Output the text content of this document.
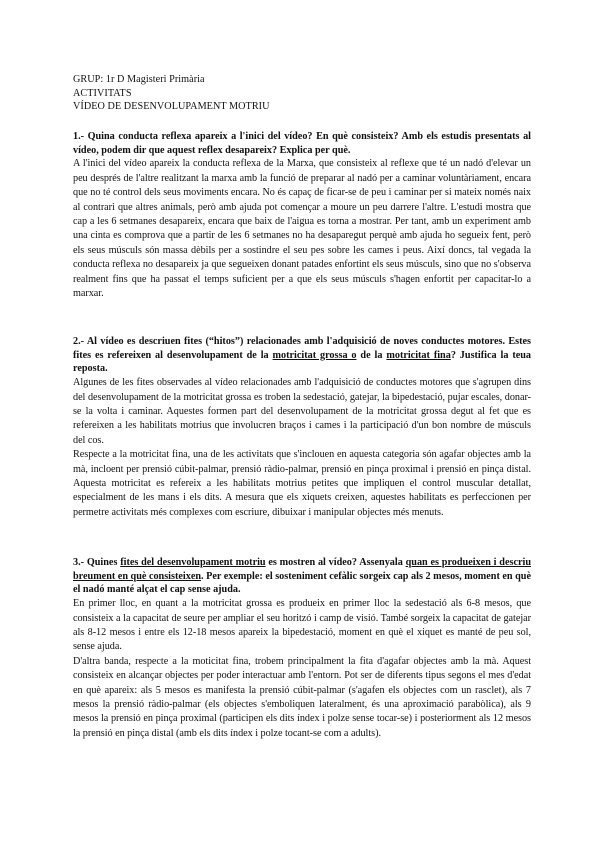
GRUP: 1r D Magisteri Primària
ACTIVITATS
VÍDEO DE DESENVOLUPAMENT MOTRIU

1.- Quina conducta reflexa apareix a l'inici del vídeo? En què consisteix? Amb els estudis presentats al vídeo, podem dir que aquest reflex desapareix? Explica per què.

A l'inici del vídeo apareix la conducta reflexa de la Marxa, que consisteix al reflexe que té un nadó d'elevar un peu després de l'altre realitzant la marxa amb la funció de preparar al nadó per a caminar voluntàriament, encara que no té control dels seus moviments encara. No és capaç de ficar-se de peu i caminar per si mateix només naix al contrari que altres animals, però amb ajuda pot començar a moure un peu darrere l'altre. L'estudi mostra que cap a les 6 setmanes desapareix, encara que baix de l'aigua es torna a mostrar. Per tant, amb un experiment amb una cinta es comprova que a partir de les 6 setmanes no ha desaparegut perquè amb ajuda ho segueix fent, però els seus músculs són massa dèbils per a sostindre el seu pes sobre les cames i peus. Així doncs, tal vegada la conducta reflexa no desapareix ja que segueixen donant patades enfortint els seus músculs, sino que no s'observa realment fins que ha passat el temps suficient per a que els seus músculs s'hagen enfortit per capacitar-lo a marxar.

2.- Al vídeo es descriuen fites (“hitos”) relacionades amb l'adquisició de noves conductes motores. Estes fites es refereixen al desenvolupament de la motricitat grossa o de la motricitat fina? Justifica la teua reposta.

Algunes de les fites observades al vídeo relacionades amb l'adquisició de conductes motores que s'agrupen dins del desenvolupament de la motricitat grossa es troben la sedestació, gatejar, la bipedestació, pujar escales, donar-se la volta i caminar. Aquestes formen part del desenvolupament de la motricitat grossa degut al fet que es refereixen a les habilitats motrius que involucren braços i cames i la participació d'un bon nombre de músculs del cos.

Respecte a la motricitat fina, una de les activitats que s'inclouen en aquesta categoria són agafar objectes amb la mà, incloent per prensió cúbit-palmar, prensió ràdio-palmar, prensió en pinça proximal i prensió en pinça distal. Aquesta motricitat es refereix a les habilitats motrius petites que impliquen el control muscular detallat, especialment de les mans i els dits. A mesura que els xiquets creixen, aquestes habilitats es perfeccionen per permetre activitats més complexes com escriure, dibuixar i manipular objectes més menuts.

3.- Quines fites del desenvolupament motriu es mostren al vídeo? Assenyala quan es produeixen i descriu breument en què consisteixen. Per exemple: el sosteniment cefàlic sorgeix cap als 2 mesos, moment en què el nadó manté alçat el cap sense ajuda.

En primer lloc, en quant a la motricitat grossa es produeix en primer lloc la sedestació als 6-8 mesos, que consisteix a la capacitat de seure per ampliar el seu horitzó i camp de visió. També sorgeix la capacitat de gatejar als 8-12 mesos i entre els 12-18 mesos apareix la bipedestació, moment en què el xiquet es manté de peu sol, sense ajuda.

D'altra banda, respecte a la moticitat fina, trobem principalment la fita d'agafar objectes amb la mà. Aquest consisteix en alcançar objectes per poder interactuar amb l'entorn. Pot ser de diferents tipus segons el mes d'edat en què apareix: als 5 mesos es manifesta la prensió cúbit-palmar (s'agafen els objectes com un rasclet), als 7 mesos la prensió ràdio-palmar (els objectes s'emboliquen lateralment, és una aproximació parabòlica), als 9 mesos la prensió en pinça proximal (participen els dits índex i polze sense tocar-se) i posteriorment als 12 mesos la prensió en pinça distal (amb els dits índex i polze tocant-se com a adults).
